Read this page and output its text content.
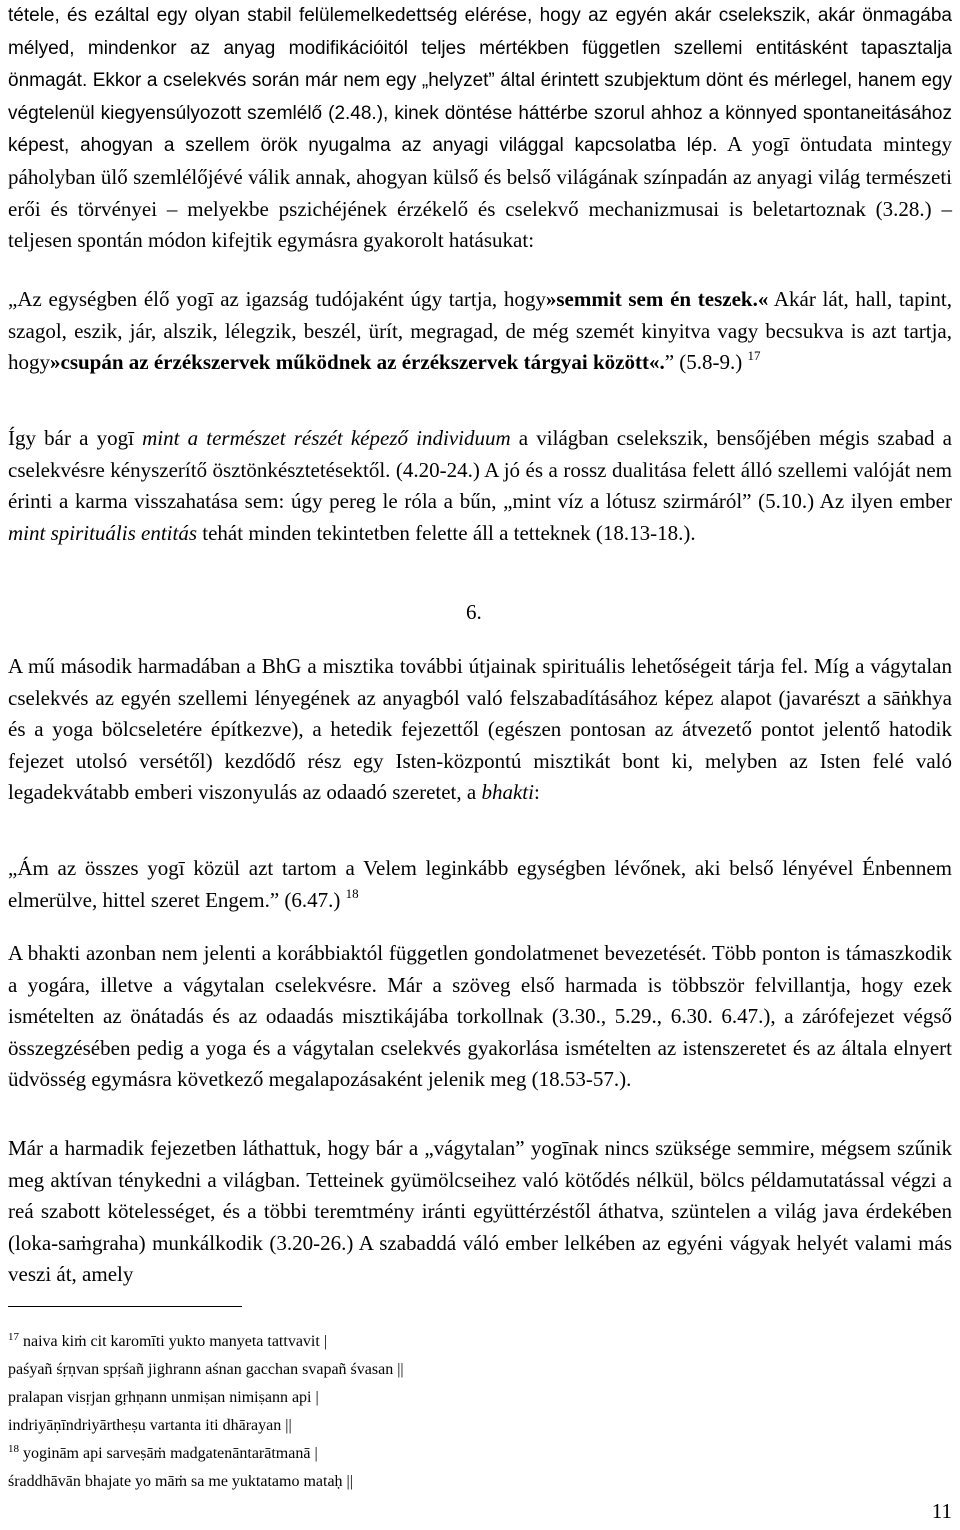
tétele, és ezáltal egy olyan stabil felülemelkedettség elérése, hogy az egyén akár cselekszik, akár önmagába mélyed, mindenkor az anyag modifikációitól teljes mértékben független szellemi entitásként tapasztalja önmagát. Ekkor a cselekvés során már nem egy „helyzet” által érintett szubjektum dönt és mérlegel, hanem egy végtelenül kiegyensúlyozott szemlélő (2.48.), kinek döntése háttérbe szorul ahhoz a könnyed spontaneitásához képest, ahogyan a szellem örök nyugalma az anyagi világgal kapcsolatba lép. A yogī öntudata mintegy páholyban ülő szemlélőjévé válik annak, ahogyan külső és belső világának színpadán az anyagi világ természeti erői és törvényei – melyekbe pszichéjének érzékelő és cselekvő mechanizmusai is beletartoznak (3.28.) – teljesen spontán módon kifejtik egymásra gyakorolt hatásukat:

„Az egységben élő yogī az igazság tudójaként úgy tartja, hogy»semmit sem én teszek.« Akár lát, hall, tapint, szagol, eszik, jár, alszik, lélegzik, beszél, ürít, megragad, de még szemét kinyitva vagy becsukva is azt tartja, hogy»csupán az érzékszervek működnek az érzékszervek tárgyai között«.” (5.8-9.) $^{17}$

Így bár a yogī mint a természet részét képező individuum a világban cselekszik, bensőjében mégis szabad a cselekvésre kényszerítő ösztönkésztetésektől. (4.20-24.) A jó és a rossz dualitása felett álló szellemi valóját nem érinti a karma visszahatása sem: úgy pereg le róla a bűn, „mint víz a lótusz szirmáról” (5.10.) Az ilyen ember mint spirituális entitás tehát minden tekintetben felette áll a tetteknek (18.13-18.).

6.

A mű második harmadában a BhG a misztika további útjainak spirituális lehetőségeit tárja fel. Míg a vágytalan cselekvés az egyén szellemi lényegének az anyagból való felszabadításához képez alapot (javarészt a sāṅkhya és a yoga bölcseletére építkezve), a hetedik fejezettől (egészen pontosan az átvezető pontot jelentő hatodik fejezet utolsó versétől) kezdődő rész egy Isten-központú misztikát bont ki, melyben az Isten felé való legadekvátabb emberi viszonyulás az odaadó szeretet, a bhakti:

„Ám az összes yogī közül azt tartom a Velem leginkább egységben lévőnek, aki belső lényével Énbennem elmerülve, hittel szeret Engem.” (6.47.) $^{18}$

A bhakti azonban nem jelenti a korábbiaktól független gondolatmenet bevezetését. Több ponton is támaszkodik a yogára, illetve a vágytalan cselekvésre. Már a szöveg első harmada is többször felvillantja, hogy ezek ismételten az önátadás és az odaadás misztikájába torkollnak (3.30., 5.29., 6.30. 6.47.), a zárófejezet végső összegzésében pedig a yoga és a vágytalan cselekvés gyakorlása ismételten az istenszeretet és az általa elnyert üdvösség egymásra következő megalapozásaként jelenik meg (18.53-57.).

Már a harmadik fejezetben láthattuk, hogy bár a „vágytalan” yogīnak nincs szüksége semmire, mégsem szűnik meg aktívan ténykedni a világban. Tetteinek gyümölcseihez való kötődés nélkül, bölcs példamutatással végzi a reá szabott kötelességet, és a többi teremtmény iránti együttérzéstől áthatva, szüntelen a világ java érdekében (loka-saṁgraha) munkálkodik (3.20-26.) A szabaddá váló ember lelkében az egyéni vágyak helyét valami más veszi át, amely

$^{17}$ naiva kiṁ cit karomīti yukto manyeta tattvavit |

paśyañ śṛṇvan spṛśañ jighrann aśnan gacchan svapañ śvasan ||

pralapan visṛjan gṛhṇann unmiṣan nimiṣann api |

indriyāṇīndriyārtheṣu vartanta iti dhārayan ||

$^{18}$ yoginām api sarveṣāṁ madgatenāntarātmanā |

śraddhāvān bhajate yo māṁ sa me yuktatamo mataḥ ||

11
